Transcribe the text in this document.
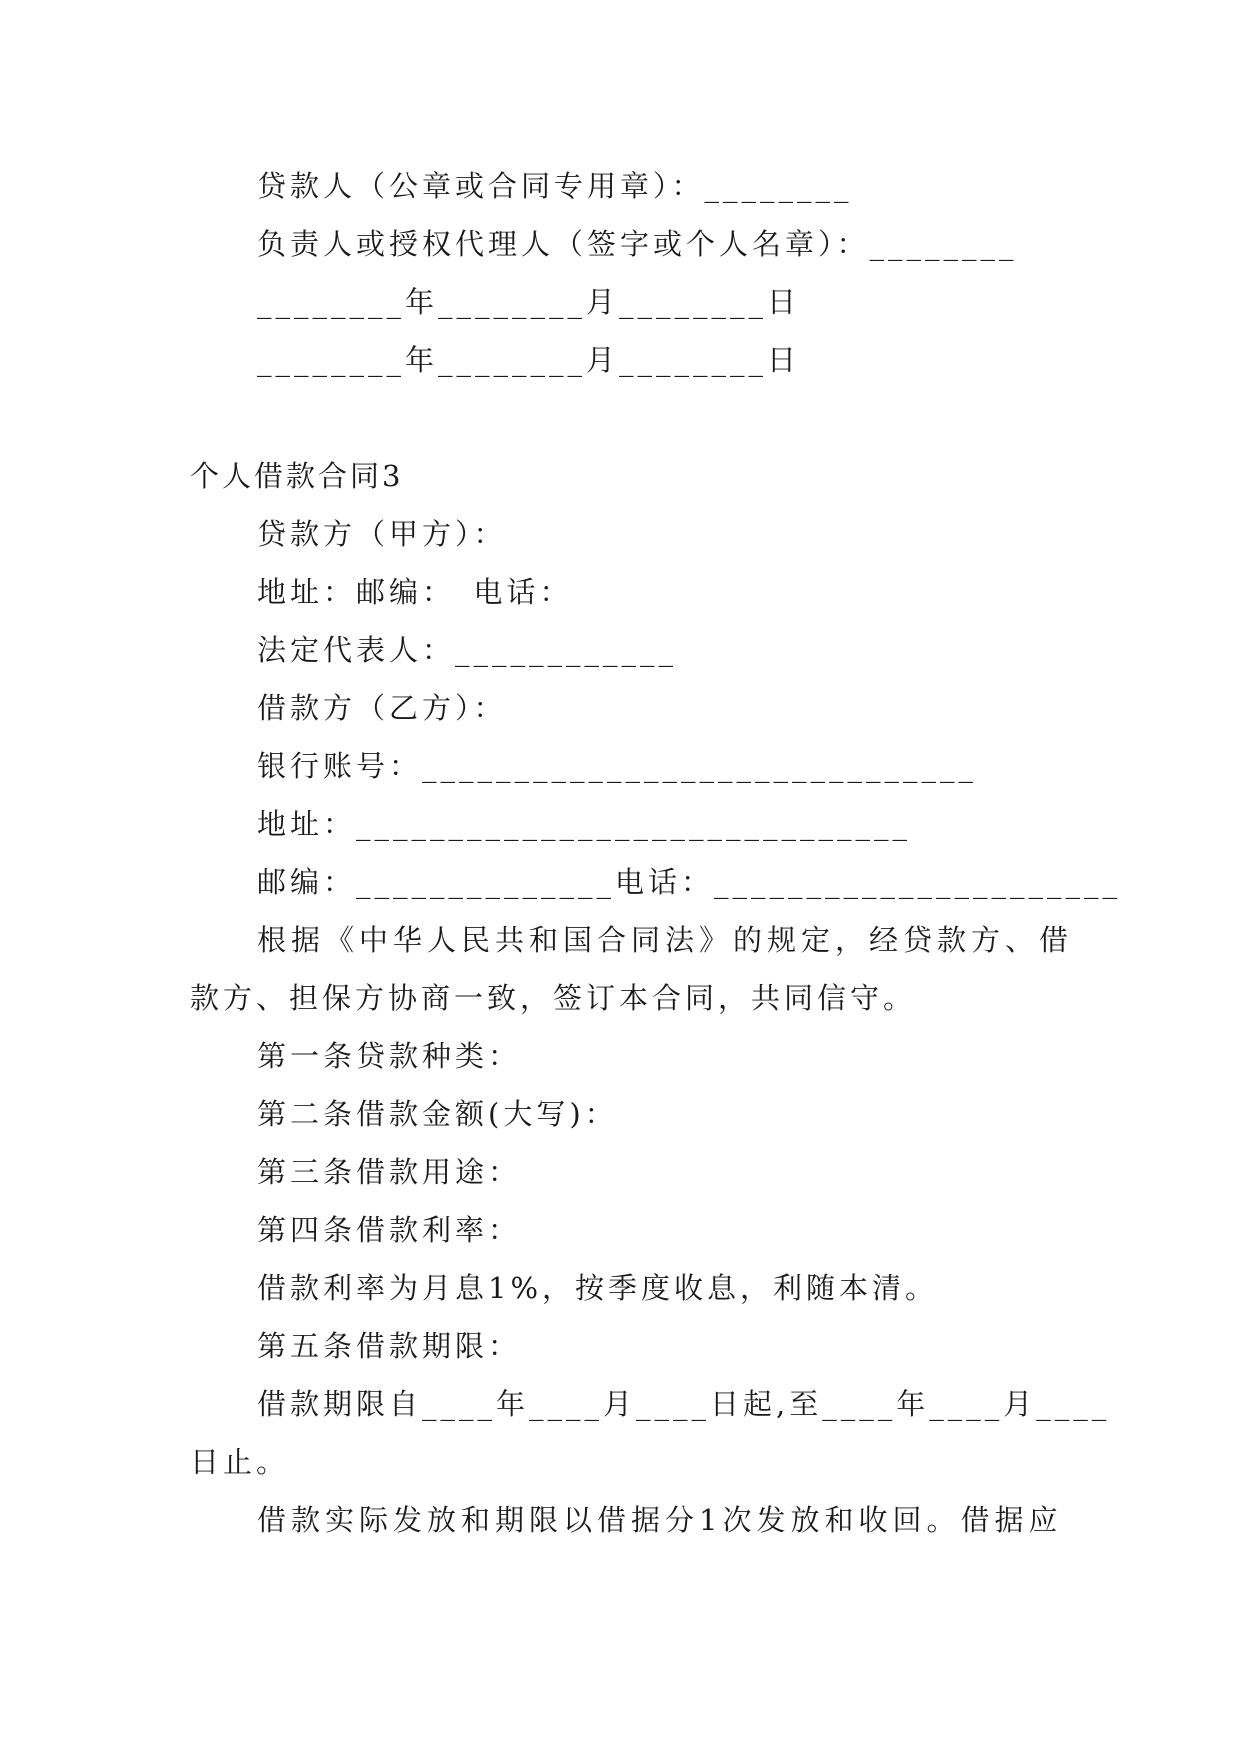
贷款人（公章或合同专用章）：________
负责人或授权代理人（签字或个人名章）：________
________年________月________日
________年________月________日
个人借款合同3
贷款方（甲方）：
地址：邮编：　电话：
法定代表人：____________
借款方（乙方）：
银行账号：______________________________
地址：______________________________
邮编：______________电话：______________________
根据《中华人民共和国合同法》的规定，经贷款方、借
款方、担保方协商一致，签订本合同，共同信守。
第一条贷款种类：
第二条借款金额(大写)：
第三条借款用途：
第四条借款利率：
借款利率为月息1%，按季度收息，利随本清。
第五条借款期限：
借款期限自____年____月____日起,至____年____月____
日止。
借款实际发放和期限以借据分1次发放和收回。借据应
